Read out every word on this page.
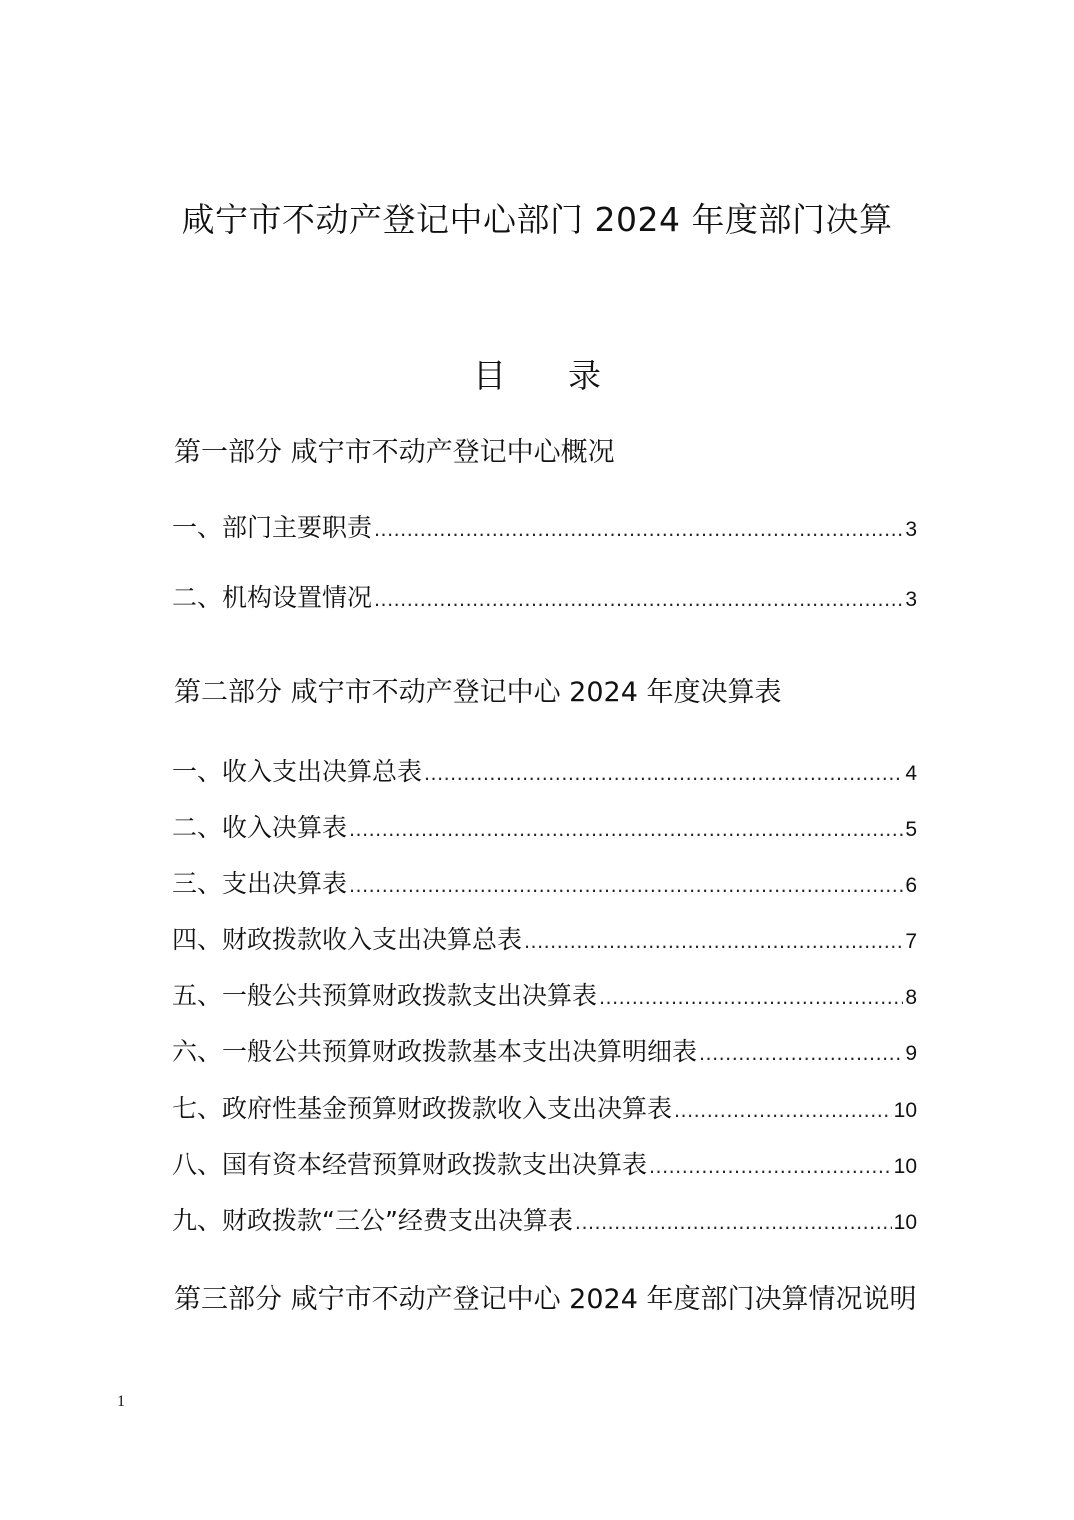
咸宁市不动产登记中心部门 2024 年度部门决算
目 录
第一部分 咸宁市不动产登记中心概况
一、部门主要职责 .....	3
二、机构设置情况 .....	3
第二部分 咸宁市不动产登记中心 2024 年度决算表
一、收入支出决算总表 .....	4
二、收入决算表 .....	5
三、支出决算表 .....	6
四、财政拨款收入支出决算总表 .....	7
五、一般公共预算财政拨款支出决算表 .....	8
六、一般公共预算财政拨款基本支出决算明细表 .....	9
七、政府性基金预算财政拨款收入支出决算表 .....	10
八、国有资本经营预算财政拨款支出决算表 .....	10
九、财政拨款“三公”经费支出决算表 .....	10
第三部分 咸宁市不动产登记中心 2024 年度部门决算情况说明
1
